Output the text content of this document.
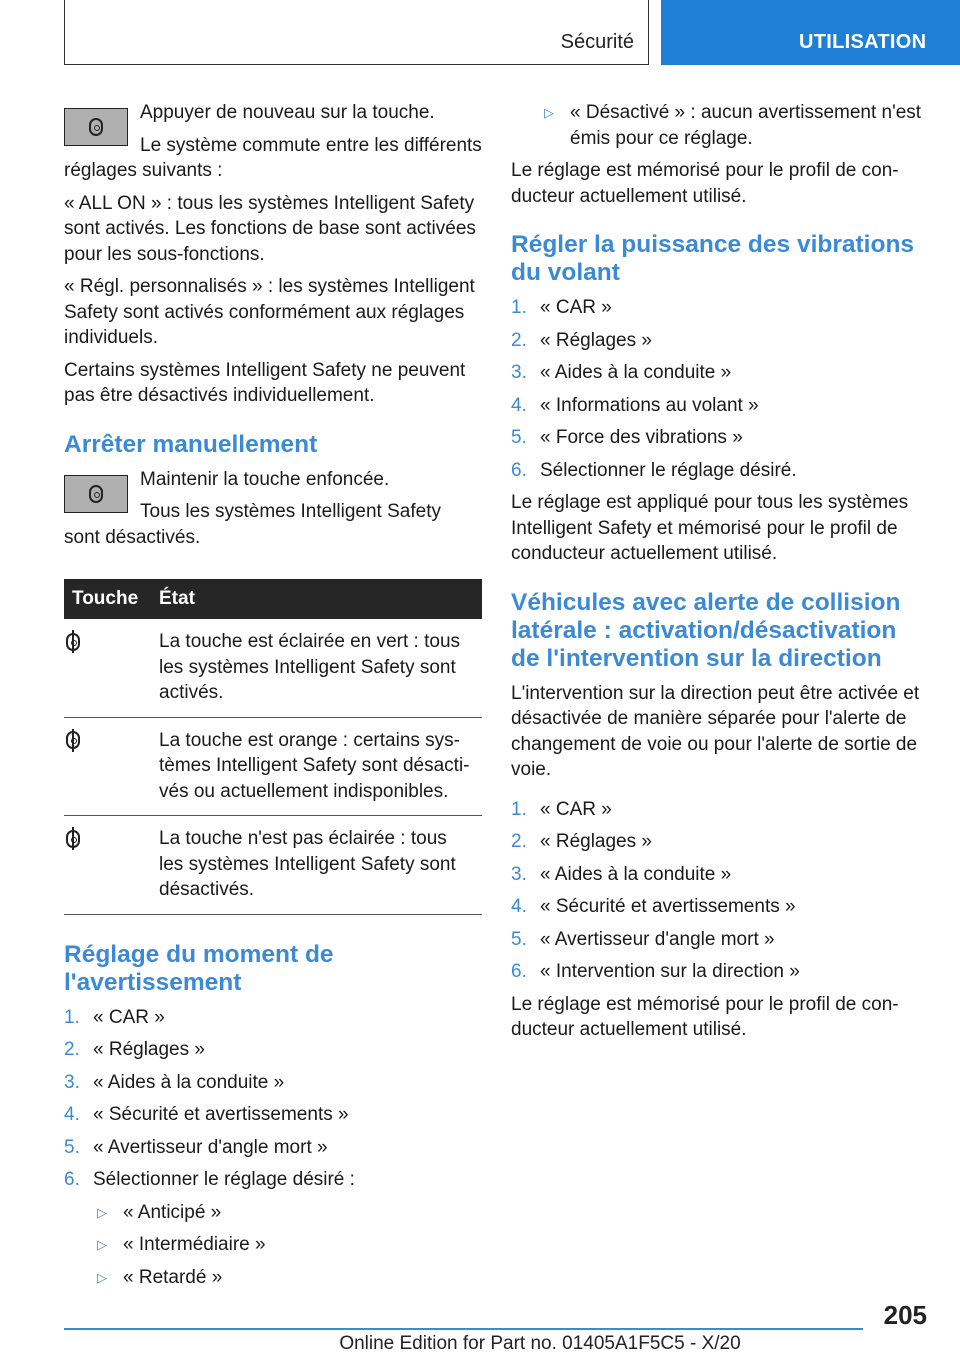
Sécurité	UTILISATION

Appuyer de nouveau sur la touche.

Le système commute entre les différents réglages suivants :

« ALL ON » : tous les systèmes Intelligent Safety sont activés. Les fonctions de base sont activées pour les sous-fonctions.

« Régl. personnalisés » : les systèmes Intelligent Safety sont activés conformément aux réglages individuels.

Certains systèmes Intelligent Safety ne peuvent pas être désactivés individuellement.

Arrêter manuellement

Maintenir la touche enfoncée.

Tous les systèmes Intelligent Safety sont désactivés.

Touche	État

	La touche est éclairée en vert : tous les systèmes Intelligent Safety sont activés.

	La touche est orange : certains systèmes Intelligent Safety sont désactivés ou actuellement indisponibles.

	La touche n'est pas éclairée : tous les systèmes Intelligent Safety sont désactivés.
Réglage du moment de l'avertissement
1. « CAR »
2. « Réglages »
3. « Aides à la conduite »
4. « Sécurité et avertissements »
5. « Avertisseur d'angle mort »
6. Sélectionner le réglage désiré :
▷ « Anticipé »
▷ « Intermédiaire »
▷ « Retardé »
▷ « Désactivé » : aucun avertissement n'est émis pour ce réglage.

Le réglage est mémorisé pour le profil de conducteur actuellement utilisé.

Régler la puissance des vibrations du volant
1. « CAR »
2. « Réglages »
3. « Aides à la conduite »
4. « Informations au volant »
5. « Force des vibrations »
6. Sélectionner le réglage désiré.

Le réglage est appliqué pour tous les systèmes Intelligent Safety et mémorisé pour le profil de conducteur actuellement utilisé.

Véhicules avec alerte de collision latérale : activation/désactivation de l'intervention sur la direction

L'intervention sur la direction peut être activée et désactivée de manière séparée pour l'alerte de changement de voie ou pour l'alerte de sortie de voie.

1. « CAR »
2. « Réglages »
3. « Aides à la conduite »
4. « Sécurité et avertissements »
5. « Avertisseur d'angle mort »
6. « Intervention sur la direction »

Le réglage est mémorisé pour le profil de conducteur actuellement utilisé.

205
Online Edition for Part no. 01405A1F5C5 - X/20
